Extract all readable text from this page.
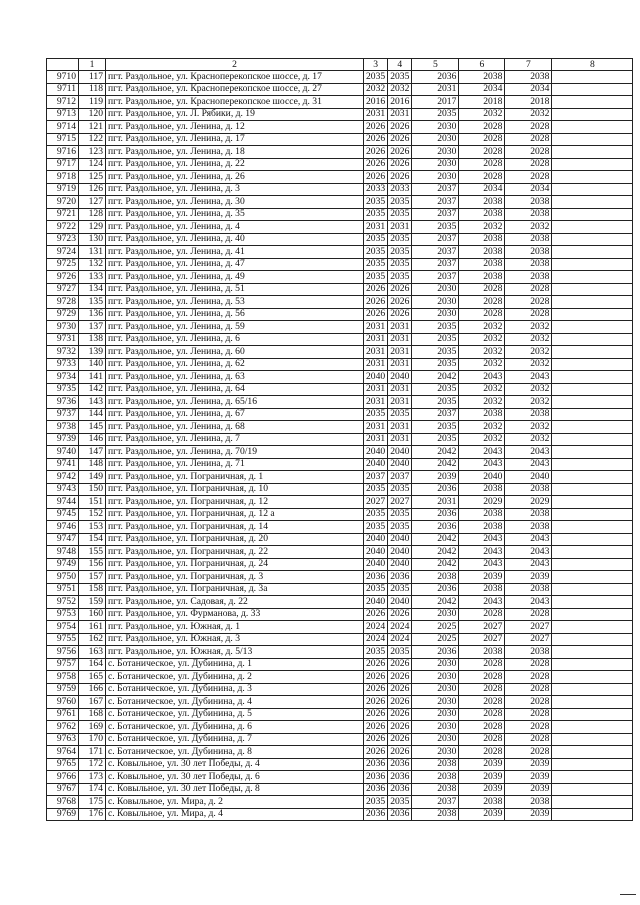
	1	2	3	4	5	6	7	8
9710	117	пгт. Раздольное, ул. Краснoперекопское шоссе, д. 17	2035	2035	2036	2038	2038	
9711	118	пгт. Раздольное, ул. Краснoперекопское шоссе, д. 27	2032	2032	2031	2034	2034	
9712	119	пгт. Раздольное, ул. Краснoперекопское шоссе, д. 31	2016	2016	2017	2018	2018	
9713	120	пгт. Раздольное, ул. Л. Рябики, д. 19	2031	2031	2035	2032	2032	
9714	121	пгт. Раздольное, ул. Ленина, д. 12	2026	2026	2030	2028	2028	
9715	122	пгт. Раздольное, ул. Ленина, д. 17	2026	2026	2030	2028	2028	
9716	123	пгт. Раздольное, ул. Ленина, д. 18	2026	2026	2030	2028	2028	
9717	124	пгт. Раздольное, ул. Ленина, д. 22	2026	2026	2030	2028	2028	
9718	125	пгт. Раздольное, ул. Ленина, д. 26	2026	2026	2030	2028	2028	
9719	126	пгт. Раздольное, ул. Ленина, д. 3	2033	2033	2037	2034	2034	
9720	127	пгт. Раздольное, ул. Ленина, д. 30	2035	2035	2037	2038	2038	
9721	128	пгт. Раздольное, ул. Ленина, д. 35	2035	2035	2037	2038	2038	
9722	129	пгт. Раздольное, ул. Ленина, д. 4	2031	2031	2035	2032	2032	
9723	130	пгт. Раздольное, ул. Ленина, д. 40	2035	2035	2037	2038	2038	
9724	131	пгт. Раздольное, ул. Ленина, д. 41	2035	2035	2037	2038	2038	
9725	132	пгт. Раздольное, ул. Ленина, д. 47	2035	2035	2037	2038	2038	
9726	133	пгт. Раздольное, ул. Ленина, д. 49	2035	2035	2037	2038	2038	
9727	134	пгт. Раздольное, ул. Ленина, д. 51	2026	2026	2030	2028	2028	
9728	135	пгт. Раздольное, ул. Ленина, д. 53	2026	2026	2030	2028	2028	
9729	136	пгт. Раздольное, ул. Ленина, д. 56	2026	2026	2030	2028	2028	
9730	137	пгт. Раздольное, ул. Ленина, д. 59	2031	2031	2035	2032	2032	
9731	138	пгт. Раздольное, ул. Ленина, д. 6	2031	2031	2035	2032	2032	
9732	139	пгт. Раздольное, ул. Ленина, д. 60	2031	2031	2035	2032	2032	
9733	140	пгт. Раздольное, ул. Ленина, д. 62	2031	2031	2035	2032	2032	
9734	141	пгт. Раздольное, ул. Ленина, д. 63	2040	2040	2042	2043	2043	
9735	142	пгт. Раздольное, ул. Ленина, д. 64	2031	2031	2035	2032	2032	
9736	143	пгт. Раздольное, ул. Ленина, д. 65/16	2031	2031	2035	2032	2032	
9737	144	пгт. Раздольное, ул. Ленина, д. 67	2035	2035	2037	2038	2038	
9738	145	пгт. Раздольное, ул. Ленина, д. 68	2031	2031	2035	2032	2032	
9739	146	пгт. Раздольное, ул. Ленина, д. 7	2031	2031	2035	2032	2032	
9740	147	пгт. Раздольное, ул. Ленина, д. 70/19	2040	2040	2042	2043	2043	
9741	148	пгт. Раздольное, ул. Ленина, д. 71	2040	2040	2042	2043	2043	
9742	149	пгт. Раздольное, ул. Пограничная, д. 1	2037	2037	2039	2040	2040	
9743	150	пгт. Раздольное, ул. Пограничная, д. 10	2035	2035	2036	2038	2038	
9744	151	пгт. Раздольное, ул. Пограничная, д. 12	2027	2027	2031	2029	2029	
9745	152	пгт. Раздольное, ул. Пограничная, д. 12 а	2035	2035	2036	2038	2038	
9746	153	пгт. Раздольное, ул. Пограничная, д. 14	2035	2035	2036	2038	2038	
9747	154	пгт. Раздольное, ул. Пограничная, д. 20	2040	2040	2042	2043	2043	
9748	155	пгт. Раздольное, ул. Пограничная, д. 22	2040	2040	2042	2043	2043	
9749	156	пгт. Раздольное, ул. Пограничная, д. 24	2040	2040	2042	2043	2043	
9750	157	пгт. Раздольное, ул. Пограничная, д. 3	2036	2036	2038	2039	2039	
9751	158	пгт. Раздольное, ул. Пограничная, д. 3а	2035	2035	2036	2038	2038	
9752	159	пгт. Раздольное, ул. Садовая, д. 22	2040	2040	2042	2043	2043	
9753	160	пгт. Раздольное, ул. Фурманова, д. 33	2026	2026	2030	2028	2028	
9754	161	пгт. Раздольное, ул. Южная, д. 1	2024	2024	2025	2027	2027	
9755	162	пгт. Раздольное, ул. Южная, д. 3	2024	2024	2025	2027	2027	
9756	163	пгт. Раздольное, ул. Южная, д. 5/13	2035	2035	2036	2038	2038	
9757	164	с. Ботаническое, ул. Дубинина, д. 1	2026	2026	2030	2028	2028	
9758	165	с. Ботаническое, ул. Дубинина, д. 2	2026	2026	2030	2028	2028	
9759	166	с. Ботаническое, ул. Дубинина, д. 3	2026	2026	2030	2028	2028	
9760	167	с. Ботаническое, ул. Дубинина, д. 4	2026	2026	2030	2028	2028	
9761	168	с. Ботаническое, ул. Дубинина, д. 5	2026	2026	2030	2028	2028	
9762	169	с. Ботаническое, ул. Дубинина, д. 6	2026	2026	2030	2028	2028	
9763	170	с. Ботаническое, ул. Дубинина, д. 7	2026	2026	2030	2028	2028	
9764	171	с. Ботаническое, ул. Дубинина, д. 8	2026	2026	2030	2028	2028	
9765	172	с. Ковыльное, ул. 30 лет Победы, д. 4	2036	2036	2038	2039	2039	
9766	173	с. Ковыльное, ул. 30 лет Победы, д. 6	2036	2036	2038	2039	2039	
9767	174	с. Ковыльное, ул. 30 лет Победы, д. 8	2036	2036	2038	2039	2039	
9768	175	с. Ковыльное, ул. Мира, д. 2	2035	2035	2037	2038	2038	
9769	176	с. Ковыльное, ул. Мира, д. 4	2036	2036	2038	2039	2039	
